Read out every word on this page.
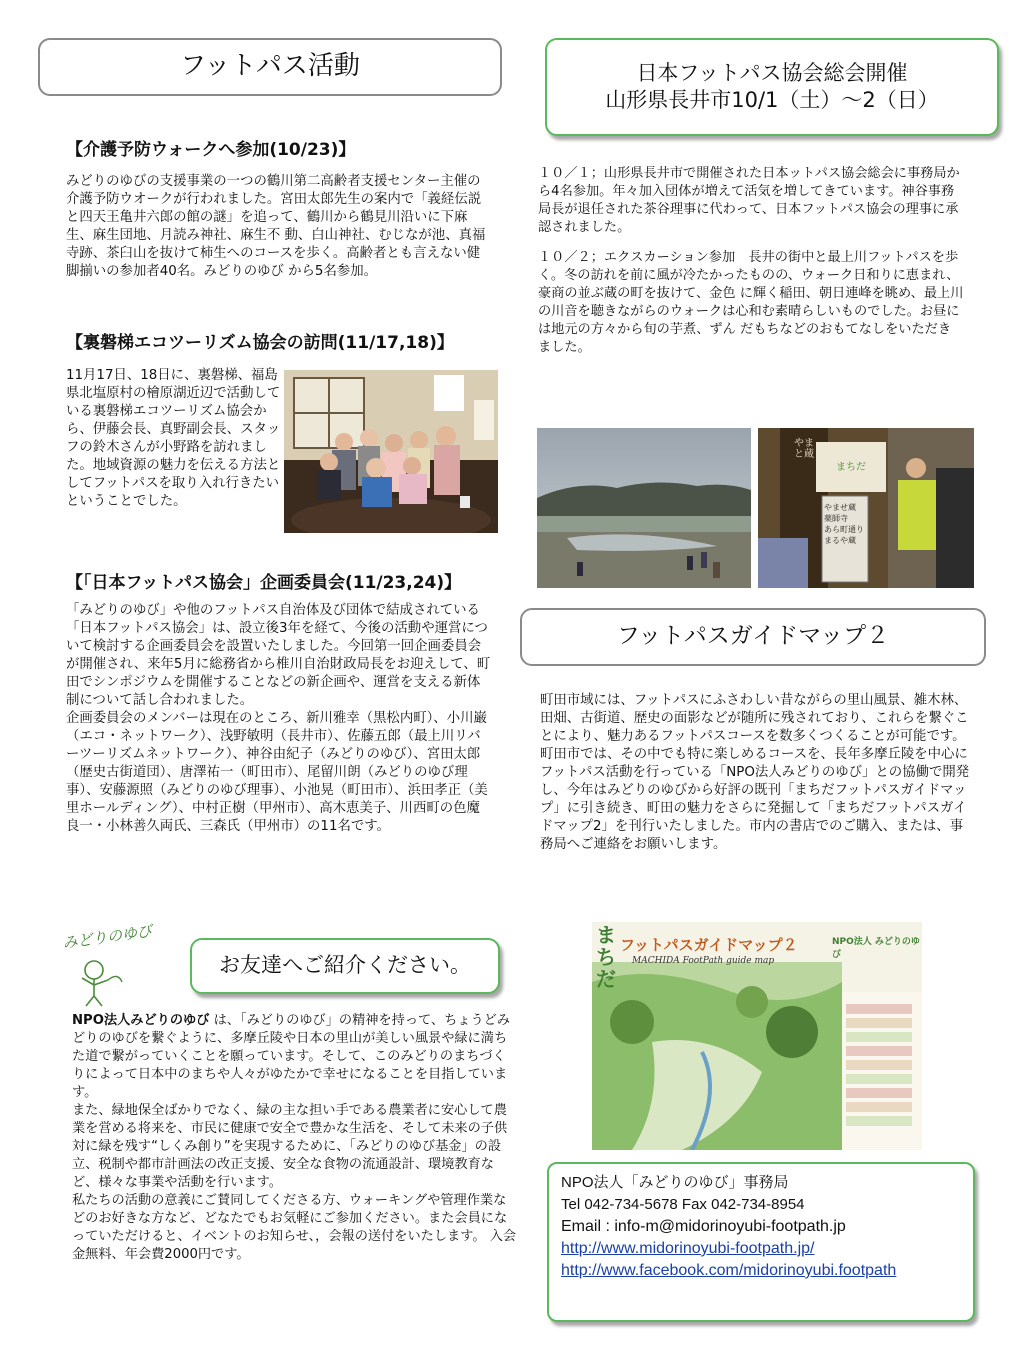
フットパス活動
【介護予防ウォークへ参加(10/23)】

みどりのゆびの支援事業の一つの鶴川第二高齢者支援センター主催の介護予防ウオークが行われました。宮田太郎先生の案内で「義経伝説と四天王亀井六郎の館の謎」を追って、鶴川から鶴見川沿いに下麻生、麻生団地、月読み神社、麻生不 動、白山神社、むじなが池、真福寺跡、茶臼山を抜けて柿生へのコースを歩く。高齢者とも言えない健脚揃いの参加者40名。みどりのゆび から5名参加。

【裏磐梯エコツーリズム協会の訪問(11/17,18)】

11月17日、18日に、裏磐梯、福島県北塩原村の檜原湖近辺で活動している裏磐梯エコツーリズム協会から、伊藤会長、真野副会長、スタッフの鈴木さんが小野路を訪れました。地域資源の魅力を伝える方法としてフットパスを取り入れ行きたいということでした。

【「日本フットパス協会」企画委員会(11/23,24)】

「みどりのゆび」や他のフットパス自治体及び団体で結成されている「日本フットパス協会」は、設立後3年を経て、今後の活動や運営について検討する企画委員会を設置いたしました。今回第一回企画委員会が開催され、来年5月に総務省から椎川自治財政局長をお迎えして、町田でシンポジウムを開催することなどの新企画や、運営を支える新体制について話し合われました。

企画委員会のメンバーは現在のところ、新川雅幸（黒松内町）、小川巌（エコ・ネットワーク）、浅野敏明（長井市）、佐藤五郎（最上川リバーツーリズムネットワーク）、神谷由紀子（みどりのゆび）、宮田太郎（歴史古街道団）、唐澤祐一（町田市）、尾留川朗（みどりのゆび理事）、安藤源照（みどりのゆび理事）、小池晃（町田市）、浜田孝正（美里ホールディング）、中村正樹（甲州市）、高木恵美子、川西町の色魔良一・小林善久両氏、三森氏（甲州市）の11名です。

みどりのゆび
お友達へご紹介ください。

NPO法人みどりのゆび は、「みどりのゆび」の精神を持って、ちょうどみどりのゆびを繋ぐように、多摩丘陵や日本の里山が美しい風景や緑に満ちた道で繋がっていくことを願っています。そして、このみどりのまちづくりによって日本中のまちや人々がゆたかで幸せになることを目指しています。

また、緑地保全ばかりでなく、緑の主な担い手である農業者に安心して農業を営める将来を、市民に健康で安全で豊かな生活を、そして未来の子供対に緑を残す“しくみ創り”を実現するために、「みどりのゆび基金」の設立、税制や都市計画法の改正支援、安全な食物の流通設計、環境教育など、様々な事業や活動を行います。

私たちの活動の意義にご賛同してくださる方、ウォーキングや管理作業などのお好きな方など、どなたでもお気軽にご参加ください。また会員になっていただけると、イベントのお知らせ、，会報の送付をいたします。 入会金無料、年会費2000円です。

日本フットパス協会総会開催
山形県長井市10/1（土）～2（日）

１０／１；山形県長井市で開催された日本ットパス協会総会に事務局から4名参加。年々加入団体が増えて活気を増してきています。神谷事務局長が退任された茶谷理事に代わって、日本フットパス協会の理事に承認されました。

１０／２；エクスカーション参加　長井の街中と最上川フットパスを歩く。冬の訪れを前に風が冷たかったものの、ウォーク日和りに恵まれ、豪商の並ぶ蔵の町を抜けて、金色 に輝く稲田、朝日連峰を眺め、最上川の川音を聴きながらのウォークは心和む素晴らしいものでした。お昼には地元の方々から旬の芋煮、ずん だもちなどのおもてなしをいただきました。

やまと蔵
まちだ
やませ蔵
薬師寺
あら町通り
まるや蔵
フットパスガイドマップ２

町田市域には、フットパスにふさわしい昔ながらの里山風景、雑木林、田畑、古街道、歴史の面影などが随所に残されており、これらを繋ぐことにより、魅力あるフットパスコースを数多くつくることが可能です。

町田市では、その中でも特に楽しめるコースを、長年多摩丘陵を中心にフットパス活動を行っている「NPO法人みどりのゆび」との協働で開発し、今年はみどりのゆびから好評の既刊「まちだフットパスガイドマップ」に引き続き、町田の魅力をさらに発掘して「まちだフットパスガイドマップ2」を刊行いたしました。市内の書店でのご購入、または、事務局へご連絡をお願いします。

まちだ
フットパスガイドマップ２
MACHIDA FootPath guide map
NPO法人 みどりのゆび
NPO法人「みどりのゆび」事務局
Tel 042-734-5678 Fax 042-734-8954
Email : info-m@midorinoyubi-footpath.jp
http://www.midorinoyubi-footpath.jp/
http://www.facebook.com/midorinoyubi.footpath
